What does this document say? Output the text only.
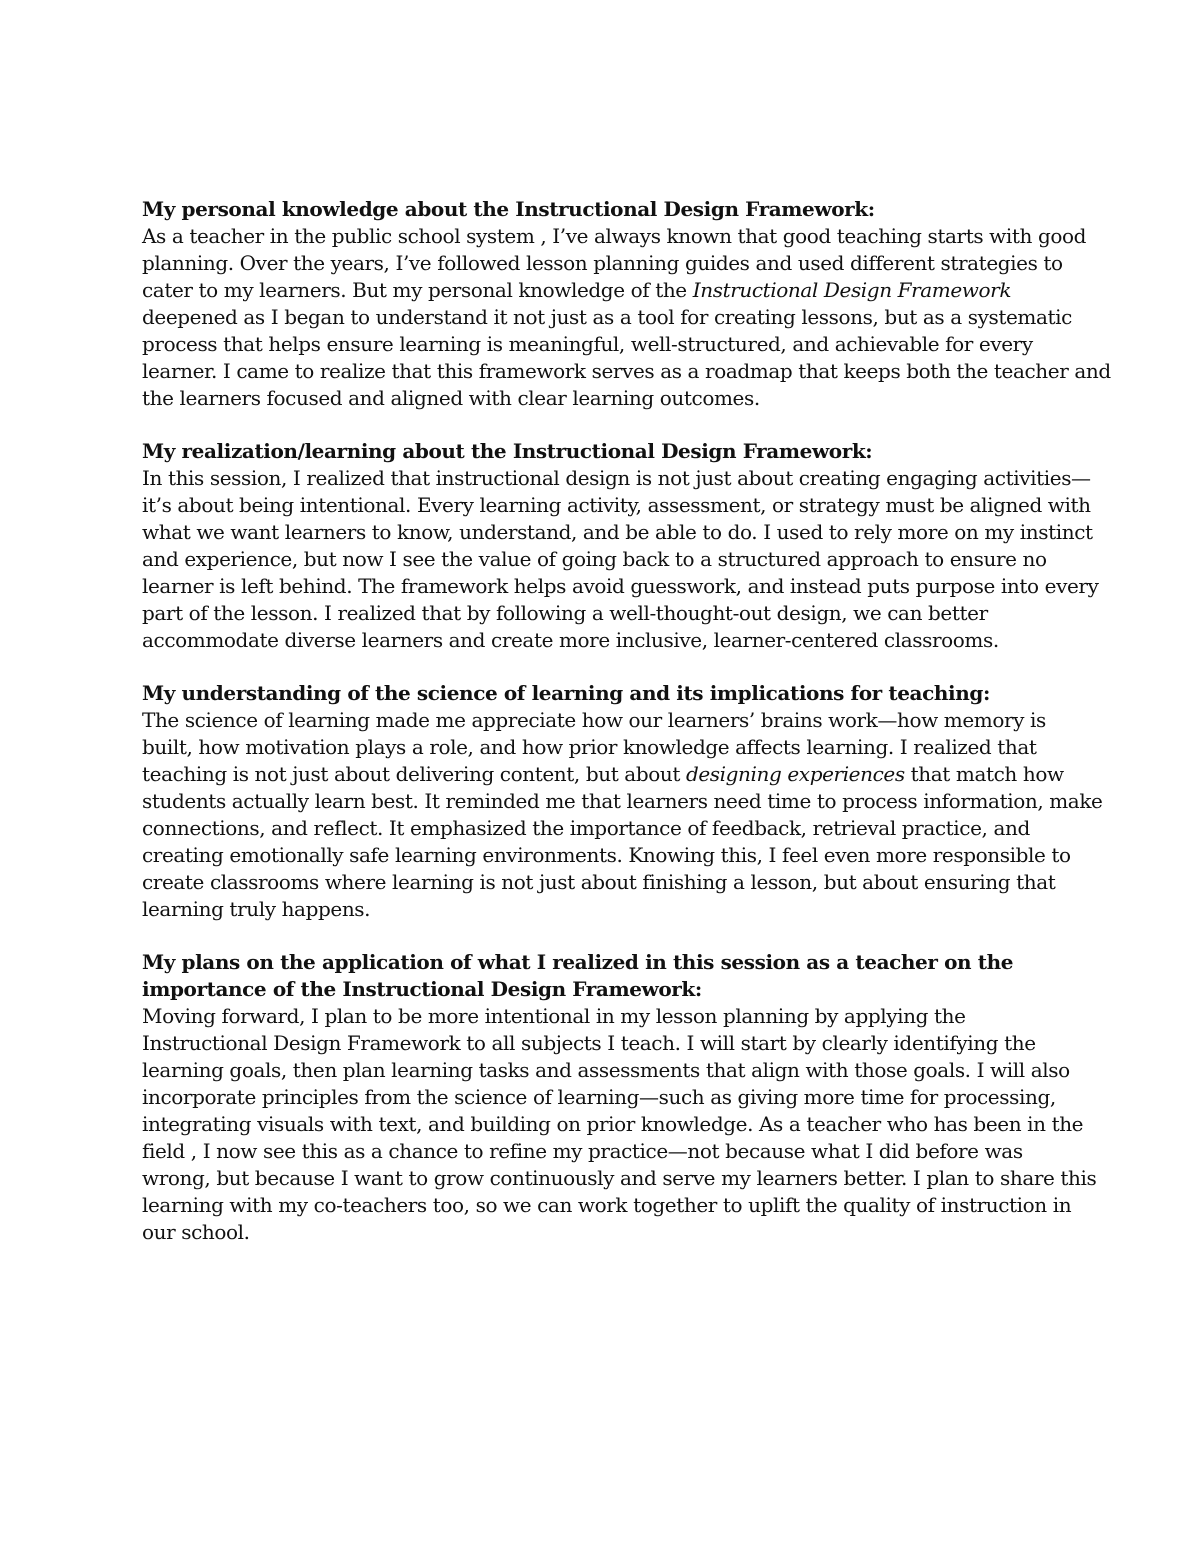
My personal knowledge about the Instructional Design Framework:
As a teacher in the public school system , I’ve always known that good teaching starts with good
planning. Over the years, I’ve followed lesson planning guides and used different strategies to
cater to my learners. But my personal knowledge of the Instructional Design Framework
deepened as I began to understand it not just as a tool for creating lessons, but as a systematic
process that helps ensure learning is meaningful, well-structured, and achievable for every
learner. I came to realize that this framework serves as a roadmap that keeps both the teacher and
the learners focused and aligned with clear learning outcomes.
My realization/learning about the Instructional Design Framework:
In this session, I realized that instructional design is not just about creating engaging activities—
it’s about being intentional. Every learning activity, assessment, or strategy must be aligned with
what we want learners to know, understand, and be able to do. I used to rely more on my instinct
and experience, but now I see the value of going back to a structured approach to ensure no
learner is left behind. The framework helps avoid guesswork, and instead puts purpose into every
part of the lesson. I realized that by following a well-thought-out design, we can better
accommodate diverse learners and create more inclusive, learner-centered classrooms.
My understanding of the science of learning and its implications for teaching:
The science of learning made me appreciate how our learners’ brains work—how memory is
built, how motivation plays a role, and how prior knowledge affects learning. I realized that
teaching is not just about delivering content, but about designing experiences that match how
students actually learn best. It reminded me that learners need time to process information, make
connections, and reflect. It emphasized the importance of feedback, retrieval practice, and
creating emotionally safe learning environments. Knowing this, I feel even more responsible to
create classrooms where learning is not just about finishing a lesson, but about ensuring that
learning truly happens.
My plans on the application of what I realized in this session as a teacher on the
importance of the Instructional Design Framework:
Moving forward, I plan to be more intentional in my lesson planning by applying the
Instructional Design Framework to all subjects I teach. I will start by clearly identifying the
learning goals, then plan learning tasks and assessments that align with those goals. I will also
incorporate principles from the science of learning—such as giving more time for processing,
integrating visuals with text, and building on prior knowledge. As a teacher who has been in the
field , I now see this as a chance to refine my practice—not because what I did before was
wrong, but because I want to grow continuously and serve my learners better. I plan to share this
learning with my co-teachers too, so we can work together to uplift the quality of instruction in
our school.
